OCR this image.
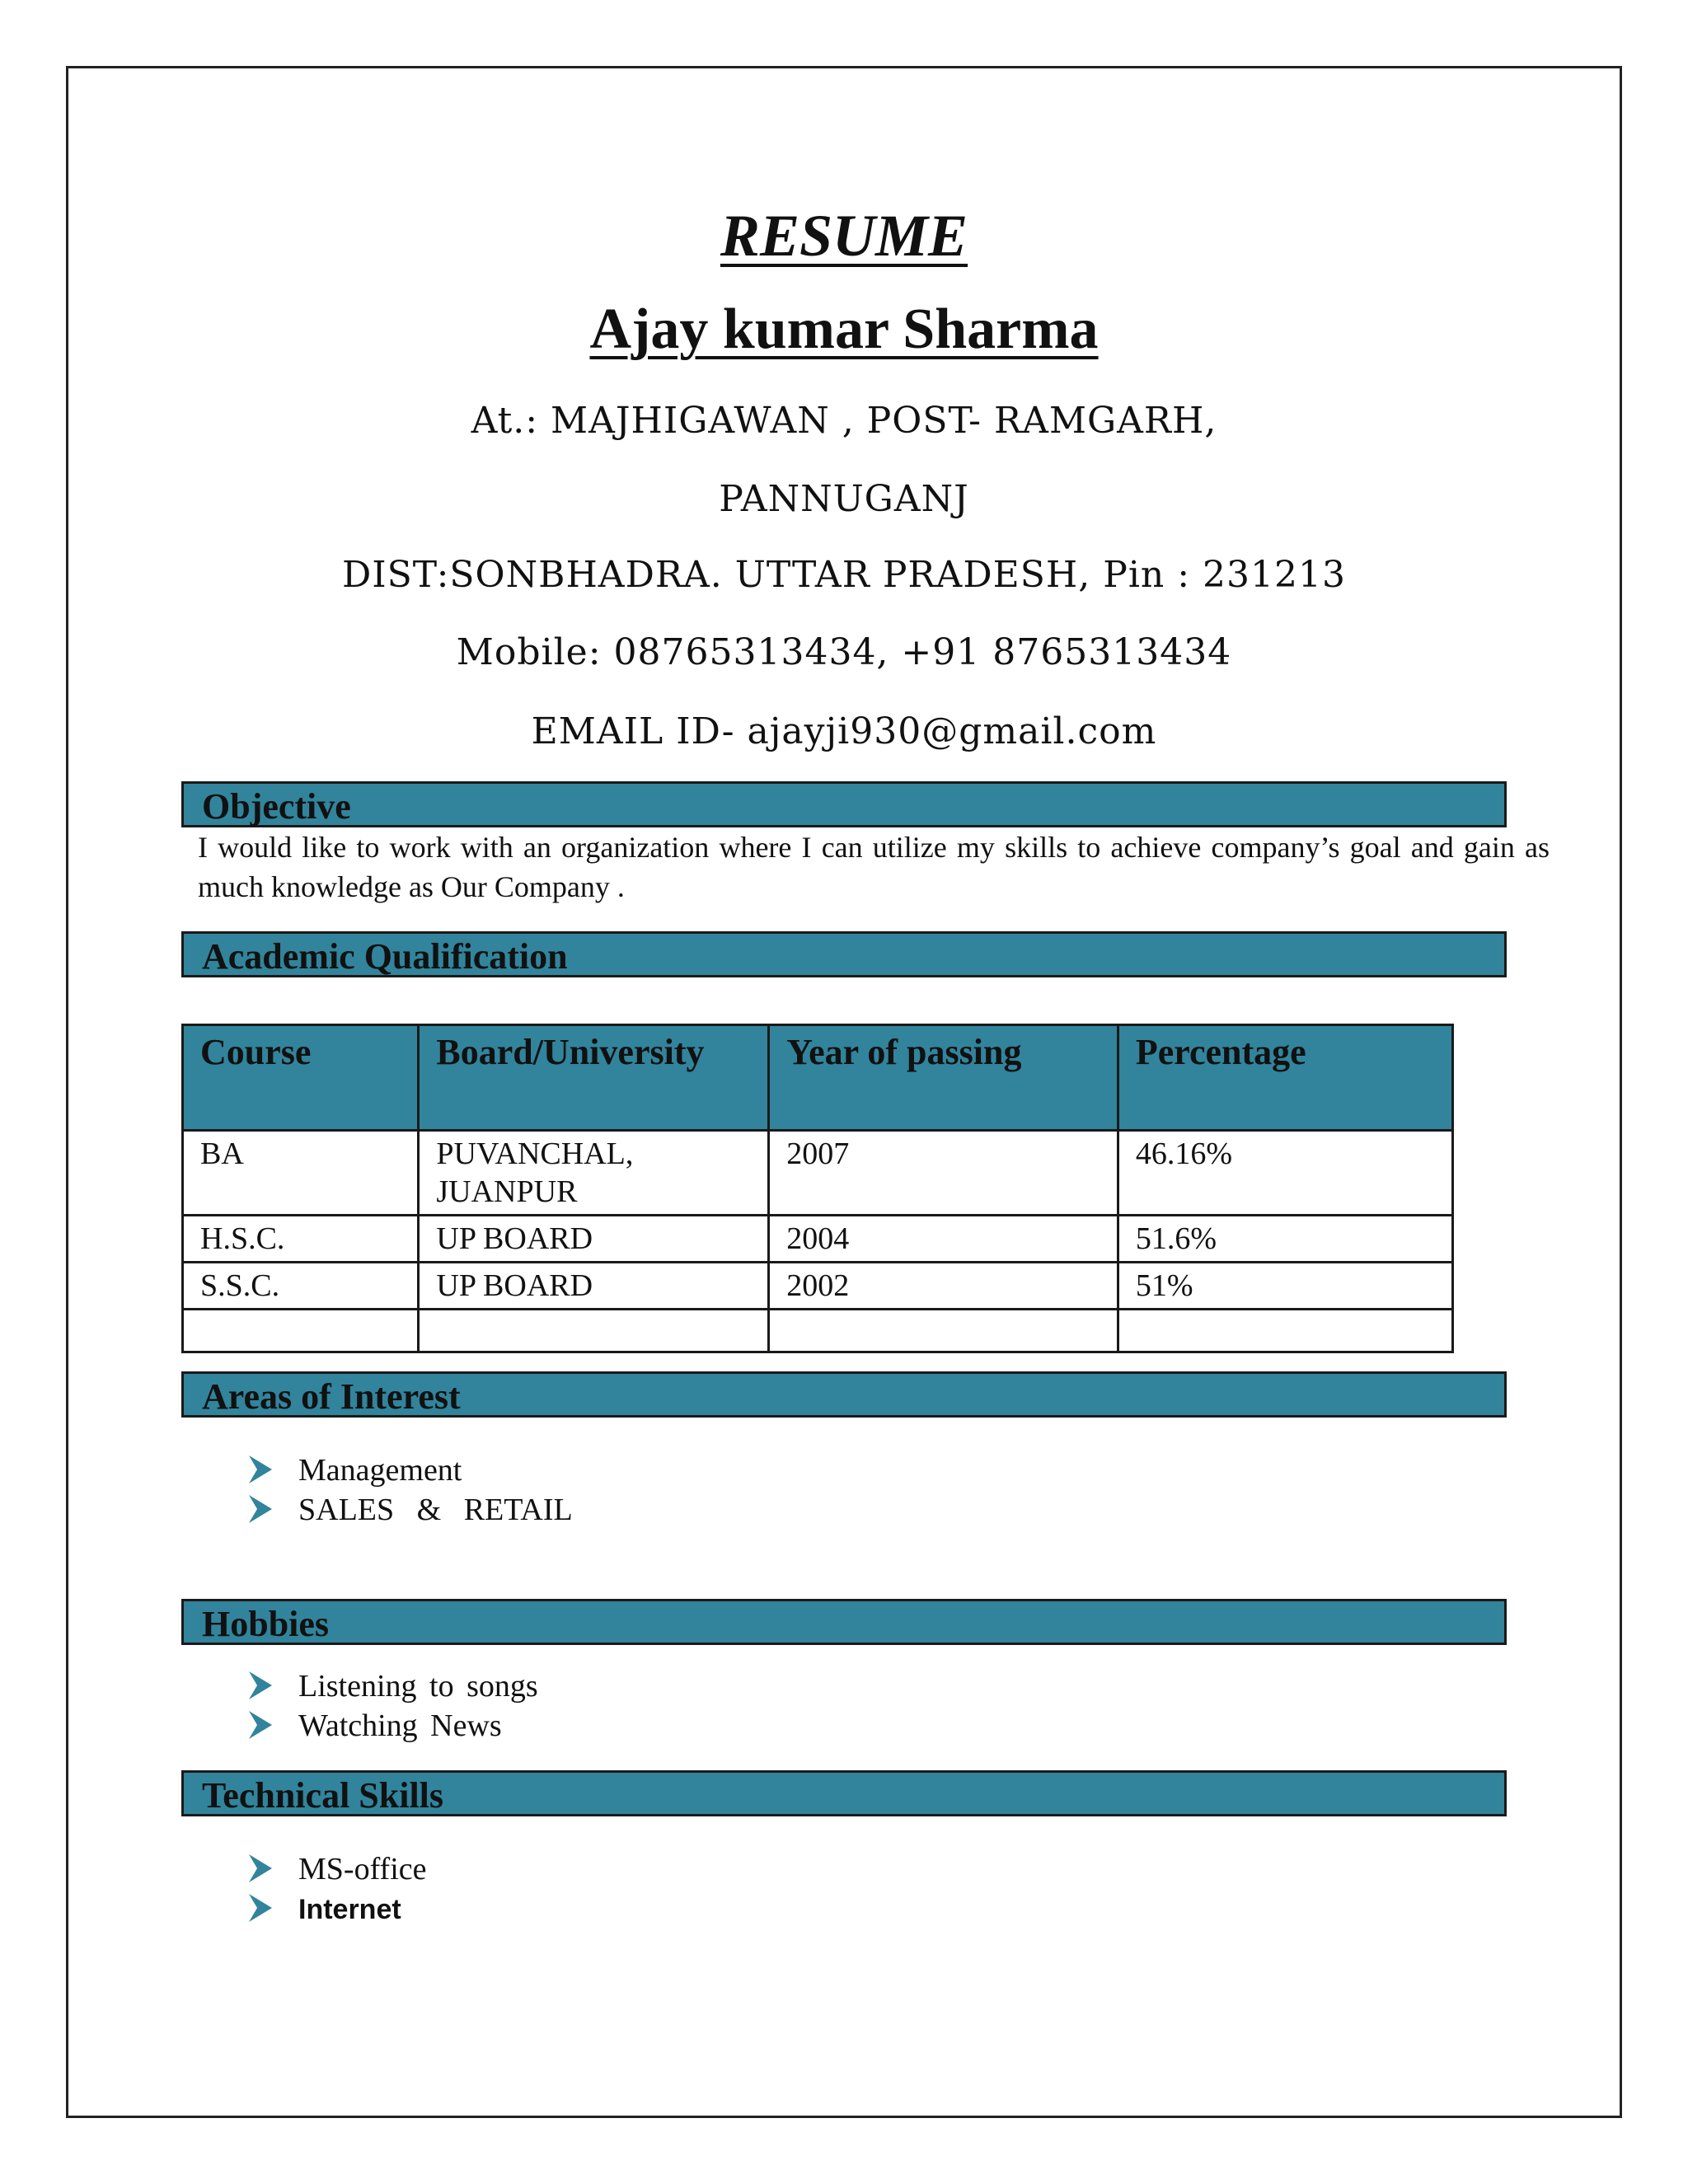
RESUME
Ajay kumar Sharma
At.: MAJHIGAWAN , POST- RAMGARH,
PANNUGANJ
DIST:SONBHADRA. UTTAR PRADESH, Pin : 231213
Mobile: 08765313434, +91 8765313434
EMAIL ID- ajayji930@gmail.com
Objective
I would like to work with an organization where I can utilize my skills to achieve company’s goal and gain as much knowledge as Our Company .
Academic Qualification
Course	Board/University	Year of passing	Percentage
BA	PUVANCHAL, JUANPUR	2007	46.16%
H.S.C.	UP BOARD	2004	51.6%
S.S.C.	UP BOARD	2002	51%

Areas of Interest
Management
SALES & RETAIL
Hobbies
Listening to songs
Watching News
Technical Skills
MS-office
Internet
